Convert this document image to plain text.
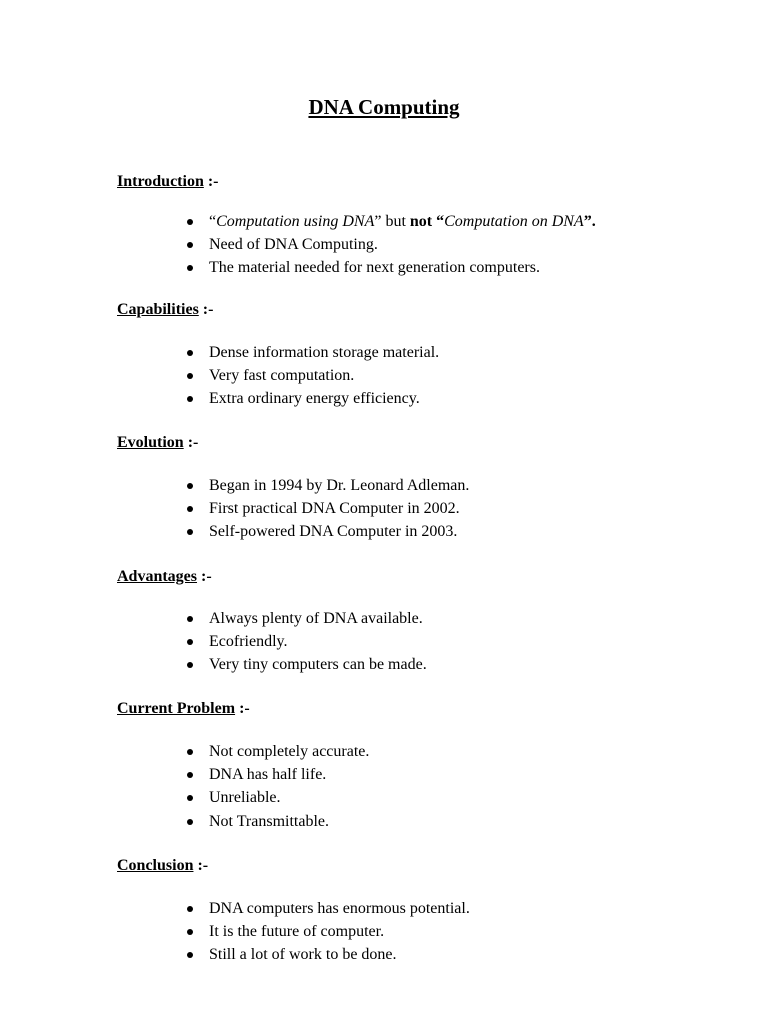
DNA Computing
Introduction :-
“Computation using DNA” but not “Computation on DNA”.
Need of DNA Computing.
The material needed for next generation computers.
Capabilities :-
Dense information storage material.
Very fast computation.
Extra ordinary energy efficiency.
Evolution :-
Began in 1994 by Dr. Leonard Adleman.
First practical DNA Computer in 2002.
Self-powered DNA Computer in 2003.
Advantages :-
Always plenty of DNA available.
Ecofriendly.
Very tiny computers can be made.
Current Problem :-
Not completely accurate.
DNA has half life.
Unreliable.
Not Transmittable.
Conclusion :-
DNA computers has enormous potential.
It is the future of computer.
Still a lot of work to be done.
